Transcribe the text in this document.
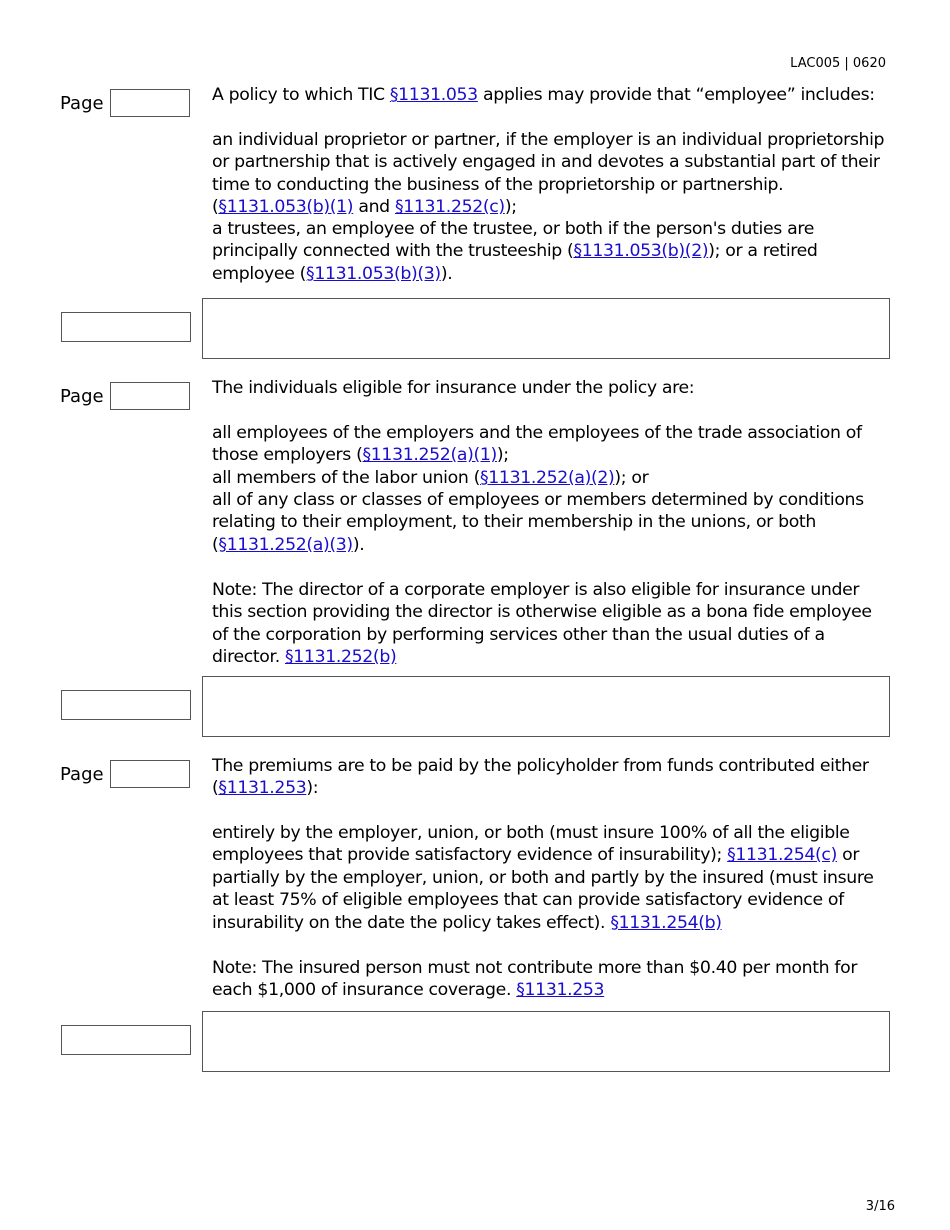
LAC005 | 0620
Page	A policy to which TIC §1131.053 applies may provide that “employee” includes:

an individual proprietor or partner, if the employer is an individual proprietorship or partnership that is actively engaged in and devotes a substantial part of their time to conducting the business of the proprietorship or partnership. (§1131.053(b)(1) and §1131.252(c));

a trustees, an employee of the trustee, or both if the person's duties are principally connected with the trusteeship (§1131.053(b)(2)); or a retired employee (§1131.053(b)(3)).

Page	The individuals eligible for insurance under the policy are:

all employees of the employers and the employees of the trade association of those employers (§1131.252(a)(1));

all members of the labor union (§1131.252(a)(2)); or

all of any class or classes of employees or members determined by conditions relating to their employment, to their membership in the unions, or both (§1131.252(a)(3)).

Note: The director of a corporate employer is also eligible for insurance under this section providing the director is otherwise eligible as a bona fide employee of the corporation by performing services other than the usual duties of a director. §1131.252(b)

Page	The premiums are to be paid by the policyholder from funds contributed either (§1131.253):

entirely by the employer, union, or both (must insure 100% of all the eligible employees that provide satisfactory evidence of insurability); §1131.254(c) or

partially by the employer, union, or both and partly by the insured (must insure at least 75% of eligible employees that can provide satisfactory evidence of insurability on the date the policy takes effect). §1131.254(b)

Note: The insured person must not contribute more than $0.40 per month for each $1,000 of insurance coverage. §1131.253

3/16
